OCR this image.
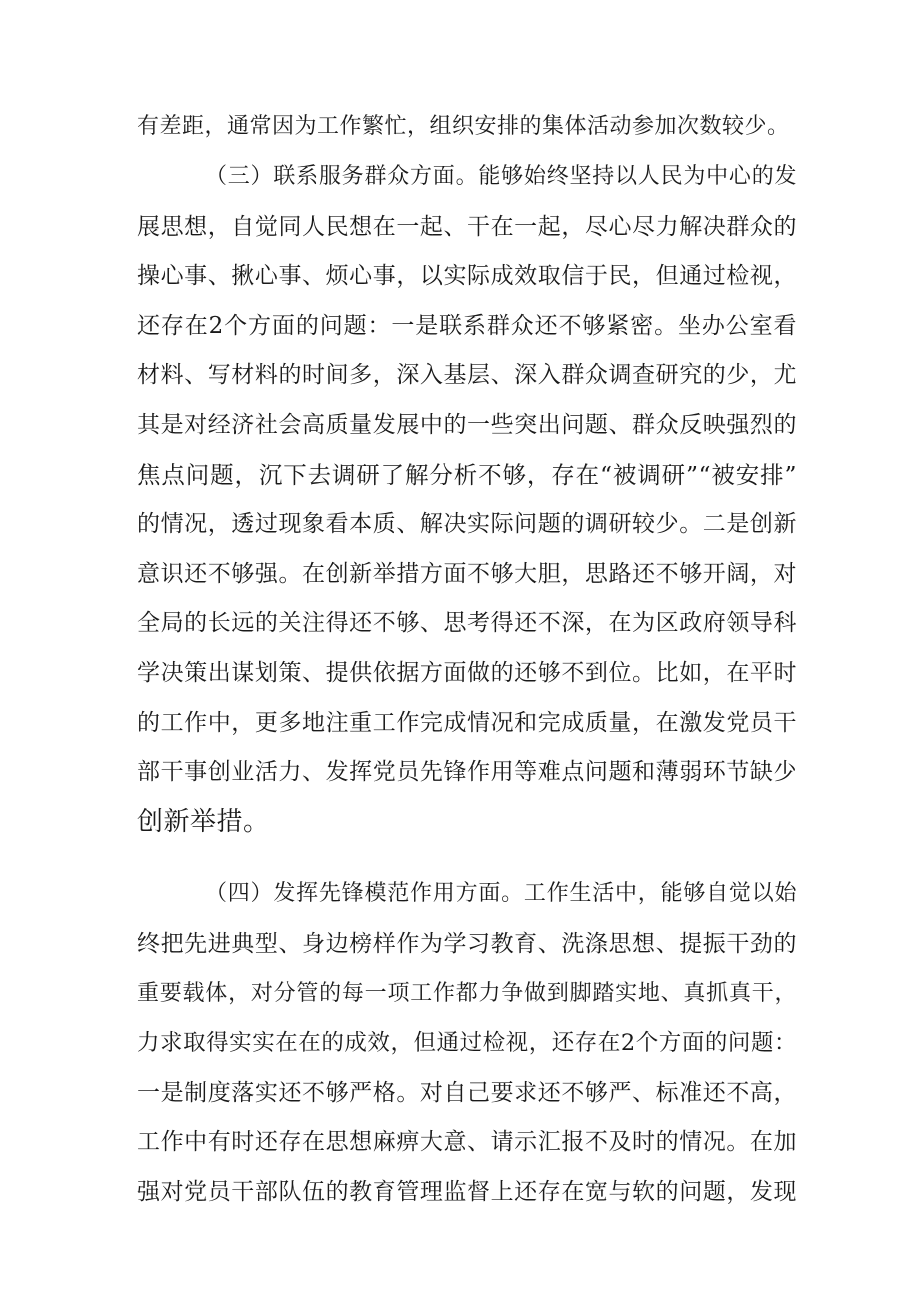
有差距，通常因为工作繁忙，组织安排的集体活动参加次数较少。
（三）联系服务群众方面。能够始终坚持以人民为中心的发
展思想，自觉同人民想在一起、干在一起，尽心尽力解决群众的
操心事、揪心事、烦心事，以实际成效取信于民，但通过检视，
还存在2个方面的问题：一是联系群众还不够紧密。坐办公室看
材料、写材料的时间多，深入基层、深入群众调查研究的少，尤
其是对经济社会高质量发展中的一些突出问题、群众反映强烈的
焦点问题，沉下去调研了解分析不够，存在“被调研”“被安排”
的情况，透过现象看本质、解决实际问题的调研较少。二是创新
意识还不够强。在创新举措方面不够大胆，思路还不够开阔，对
全局的长远的关注得还不够、思考得还不深，在为区政府领导科
学决策出谋划策、提供依据方面做的还够不到位。比如，在平时
的工作中，更多地注重工作完成情况和完成质量，在激发党员干
部干事创业活力、发挥党员先锋作用等难点问题和薄弱环节缺少
创新举措。
（四）发挥先锋模范作用方面。工作生活中，能够自觉以始
终把先进典型、身边榜样作为学习教育、洗涤思想、提振干劲的
重要载体，对分管的每一项工作都力争做到脚踏实地、真抓真干，
力求取得实实在在的成效，但通过检视，还存在2个方面的问题：
一是制度落实还不够严格。对自己要求还不够严、标准还不高，
工作中有时还存在思想麻痹大意、请示汇报不及时的情况。在加
强对党员干部队伍的教育管理监督上还存在宽与软的问题，发现
